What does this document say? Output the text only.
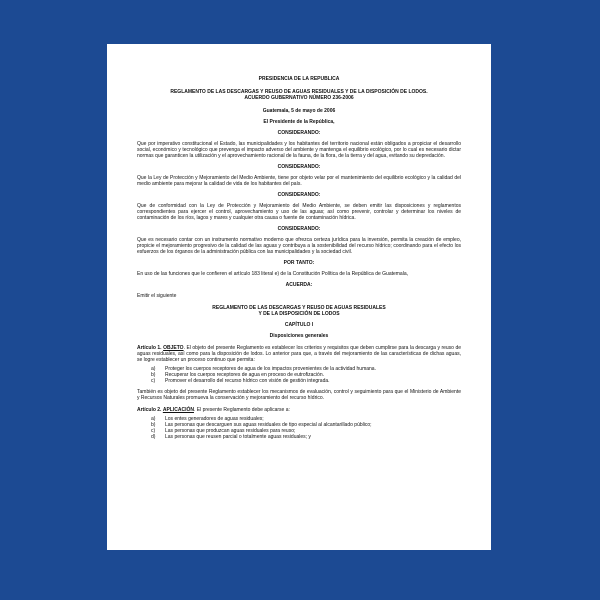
PRESIDENCIA DE LA REPUBLICA
REGLAMENTO DE LAS DESCARGAS Y REUSO DE AGUAS RESIDUALES Y DE LA DISPOSICIÓN DE LODOS.
ACUERDO GUBERNATIVO NÚMERO 236-2006
Guatemala, 5 de mayo de 2006
El Presidente de la República,
CONSIDERANDO:
Que por imperativo constitucional el Estado, las municipalidades y los habitantes del territorio nacional están obligados a propiciar el desarrollo social, económico y tecnológico que prevenga el impacto adverso del ambiente y mantenga el equilibrio ecológico, por lo cual es necesario dictar normas que garanticen la utilización y el aprovechamiento racional de la fauna, de la flora, de la tierra y del agua, evitando su depredación.
CONSIDERANDO:
Que la Ley de Protección y Mejoramiento del Medio Ambiente, tiene por objeto velar por el mantenimiento del equilibrio ecológico y la calidad del medio ambiente para mejorar la calidad de vida de los habitantes del país.
CONSIDERANDO:
Que de conformidad con la Ley de Protección y Mejoramiento del Medio Ambiente, se deben emitir las disposiciones y reglamentos correspondientes para ejercer el control, aprovechamiento y uso de las aguas; así como prevenir, controlar y determinar los niveles de contaminación de los ríos, lagos y mares y cualquier otra causa o fuente de contaminación hídrica.
CONSIDERANDO:
Que es necesario contar con un instrumento normativo moderno que ofrezca certeza jurídica para la inversión, permita la creación de empleo, propicie el mejoramiento progresivo de la calidad de las aguas y contribuya a la sostenibilidad del recurso hídrico; coordinando para el efecto los esfuerzos de los órganos de la administración pública con las municipalidades y la sociedad civil.
POR TANTO:
En uso de las funciones que le confieren el artículo 183 literal e) de la Constitución Política de la República de Guatemala,
ACUERDA:
Emitir el siguiente
REGLAMENTO DE LAS DESCARGAS Y REUSO DE AGUAS RESIDUALES
Y DE LA DISPOSICIÓN DE LODOS
CAPÍTULO I
Disposiciones generales
Artículo 1. OBJETO. El objeto del presente Reglamento es establecer los criterios y requisitos que deben cumplirse para la descarga y reuso de aguas residuales, así como para la disposición de lodos. Lo anterior para que, a través del mejoramiento de las características de dichas aguas, se logre establecer un proceso continuo que permita:
a)	Proteger los cuerpos receptores de agua de los impactos provenientes de la actividad humana.
b)	Recuperar los cuerpos receptores de agua en proceso de eutrofización.
c)	Promover el desarrollo del recurso hídrico con visión de gestión integrada.
También es objeto del presente Reglamento establecer los mecanismos de evaluación, control y seguimiento para que el Ministerio de Ambiente y Recursos Naturales promueva la conservación y mejoramiento del recurso hídrico.
Artículo 2. APLICACIÓN. El presente Reglamento debe aplicarse a:
a)	Los entes generadores de aguas residuales;
b)	Las personas que descarguen sus aguas residuales de tipo especial al alcantarillado público;
c)	Las personas que produzcan aguas residuales para reuso;
d)	Las personas que reusen parcial o totalmente aguas residuales; y
